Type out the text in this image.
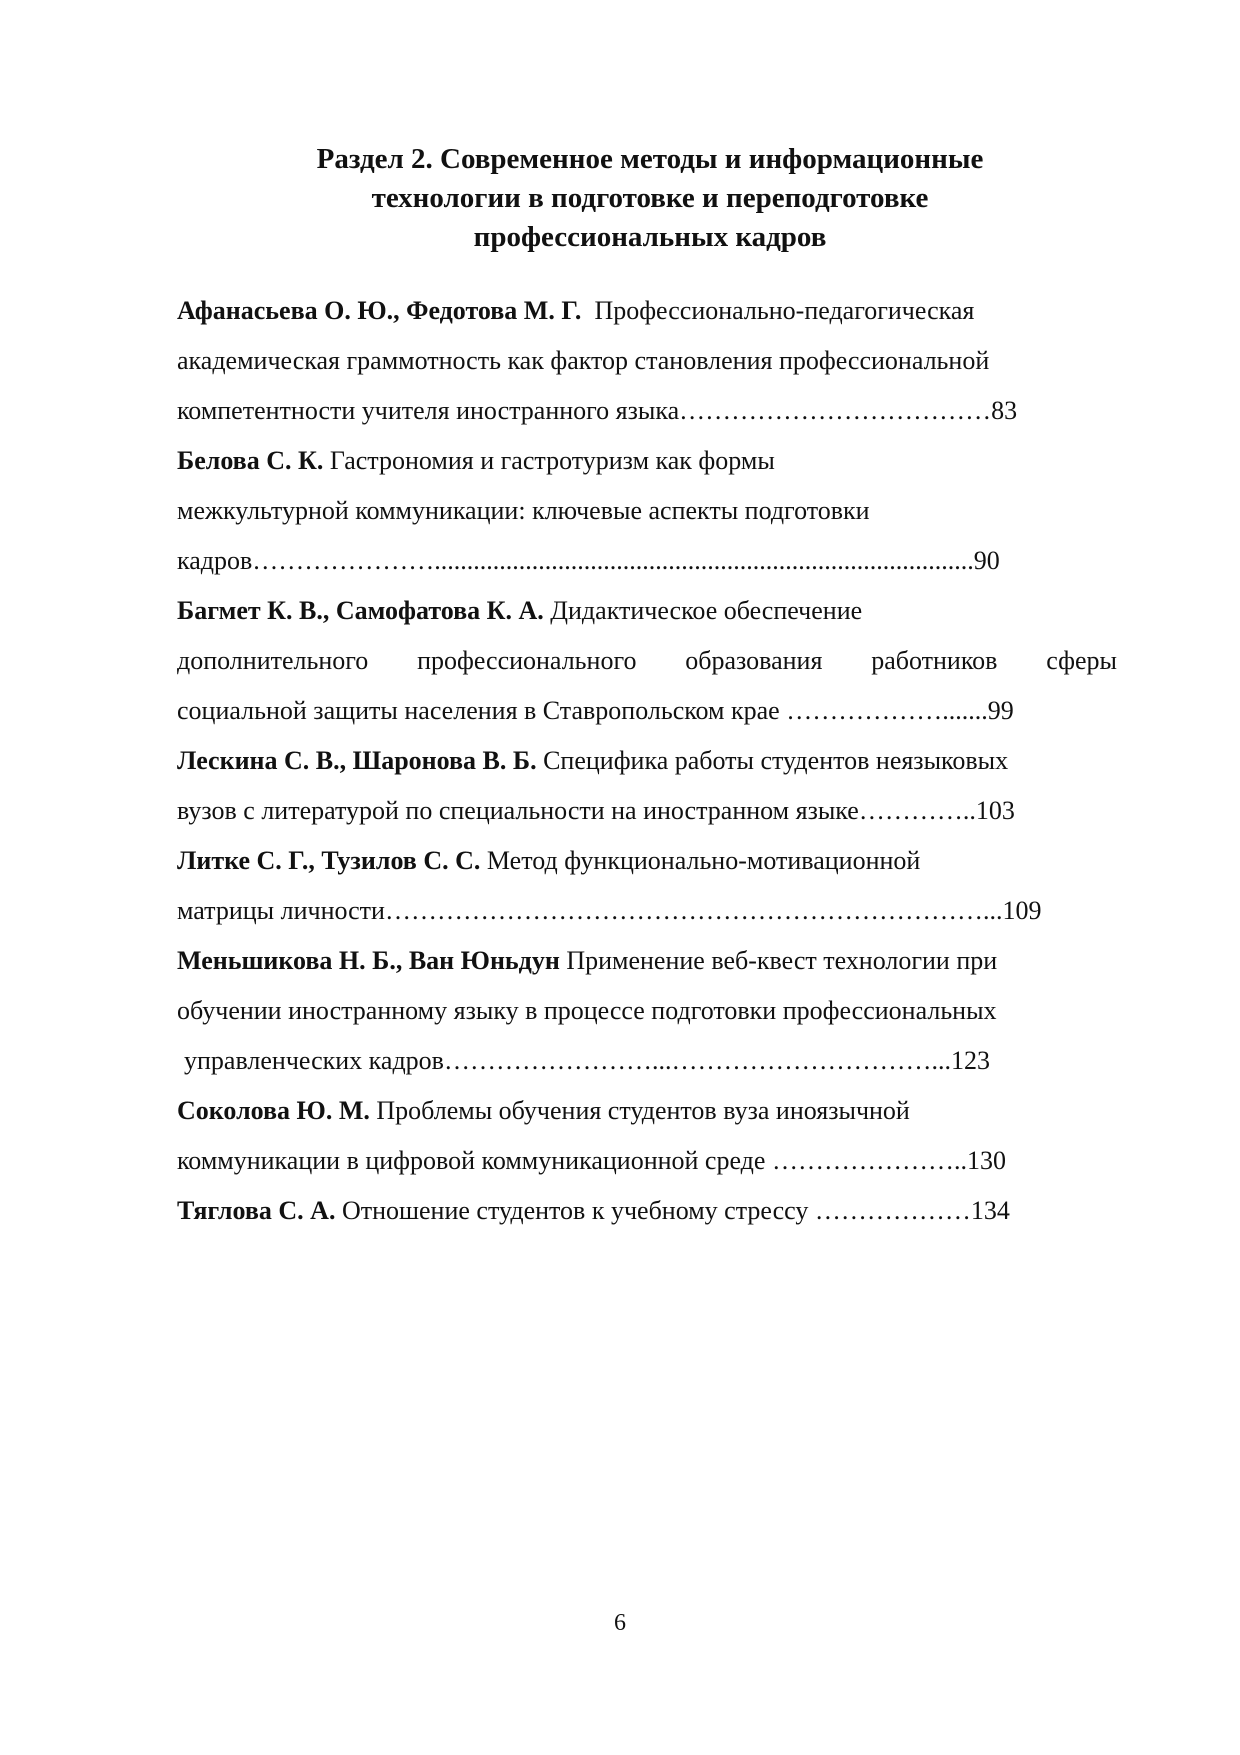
Раздел 2. Современное методы и информационные
технологии в подготовке и переподготовке
профессиональных кадров
Афанасьева О. Ю., Федотова М. Г.  Профессионально-педагогическая
академическая граммотность как фактор становления профессиональной
компетентности учителя иностранного языка………………………………83
Белова С. К. Гастрономия и гастротуризм как формы
межкультурной коммуникации: ключевые аспекты подготовки
кадров…………………...................................................................................90
Багмет К. В., Самофатова К. А. Дидактическое обеспечение
дополнительного профессионального образования работников сферы
социальной защиты населения в Ставропольском крае ……………….......99
Лескина С. В., Шаронова В. Б. Специфика работы студентов неязыковых
вузов с литературой по специальности на иностранном языке…………..103
Литке С. Г., Тузилов С. С. Метод функционально-мотивационной
матрицы личности……………………………………………………………...109
Меньшикова Н. Б., Ван Юньдун Применение веб-квест технологии при
обучении иностранному языку в процессе подготовки профессиональных
управленческих кадров……………………...…………………………...123
Соколова Ю. М. Проблемы обучения студентов вуза иноязычной
коммуникации в цифровой коммуникационной среде …………………..130
Тяглова С. А. Отношение студентов к учебному стрессу ………………134
6
